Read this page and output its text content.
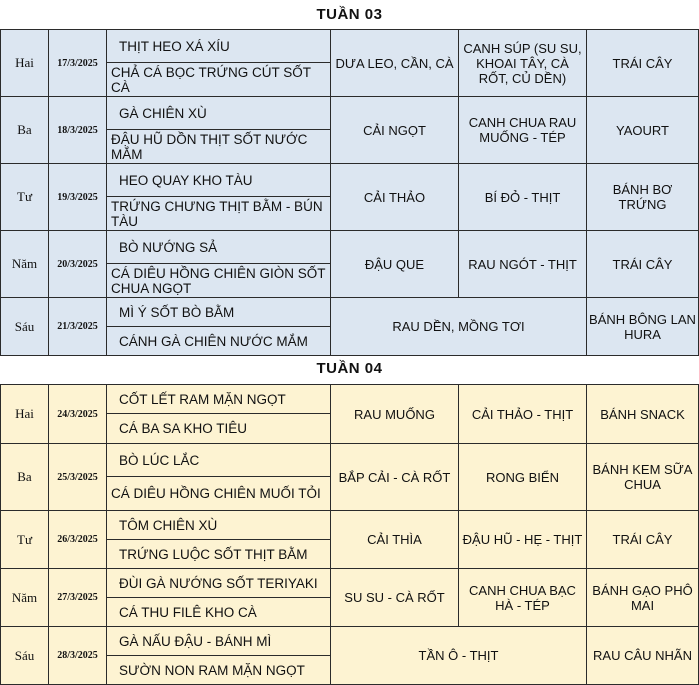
TUẦN 03
Hai	17/3/2025	THỊT HEO XÁ XÍU	DƯA LEO, CẦN, CÀ	CANH SÚP (SU SU, KHOAI TÂY, CÀ RỐT, CỦ DỀN)	TRÁI CÂY
		CHẢ CÁ BỌC TRỨNG CÚT SỐT CÀ			
Ba	18/3/2025	GÀ CHIÊN XÙ	CẢI NGỌT	CANH CHUA RAU MUỐNG - TÉP	YAOURT
		ĐẬU HŨ DỒN THỊT SỐT NƯỚC MẮM			
Tư	19/3/2025	HEO QUAY KHO TÀU	CẢI THẢO	BÍ ĐỎ - THỊT	BÁNH BƠ TRỨNG
		TRỨNG CHƯNG THỊT BẰM - BÚN TÀU			
Năm	20/3/2025	BÒ NƯỚNG SẢ	ĐẬU QUE	RAU NGÓT - THỊT	TRÁI CÂY
		CÁ DIÊU HỒNG CHIÊN GIÒN SỐT CHUA NGỌT			
Sáu	21/3/2025	MÌ Ý SỐT BÒ BẰM	RAU DỀN, MỒNG TƠI		BÁNH BÔNG LAN HURA
		CÁNH GÀ CHIÊN NƯỚC MẮM			
TUẦN 04
Hai	24/3/2025	CỐT LẾT RAM MẶN NGỌT	RAU MUỐNG	CẢI THẢO - THỊT	BÁNH SNACK
		CÁ BA SA KHO TIÊU			
Ba	25/3/2025	BÒ LÚC LẮC	BẮP CẢI - CÀ RỐT	RONG BIỂN	BÁNH KEM SỮA CHUA
		CÁ DIÊU HỒNG CHIÊN MUỐI TỎI			
Tư	26/3/2025	TÔM CHIÊN XÙ	CẢI THÌA	ĐẬU HŨ - HẸ - THỊT	TRÁI CÂY
		TRỨNG LUỘC SỐT THỊT BẰM			
Năm	27/3/2025	ĐÙI GÀ NƯỚNG SỐT TERIYAKI	SU SU - CÀ RỐT	CANH CHUA BẠC HÀ - TÉP	BÁNH GẠO PHÔ MAI
		CÁ THU FILÊ KHO CÀ			
Sáu	28/3/2025	GÀ NẤU ĐẬU - BÁNH MÌ	TẦN Ô - THỊT		RAU CÂU NHÃN
		SƯỜN NON RAM MẶN NGỌT			
